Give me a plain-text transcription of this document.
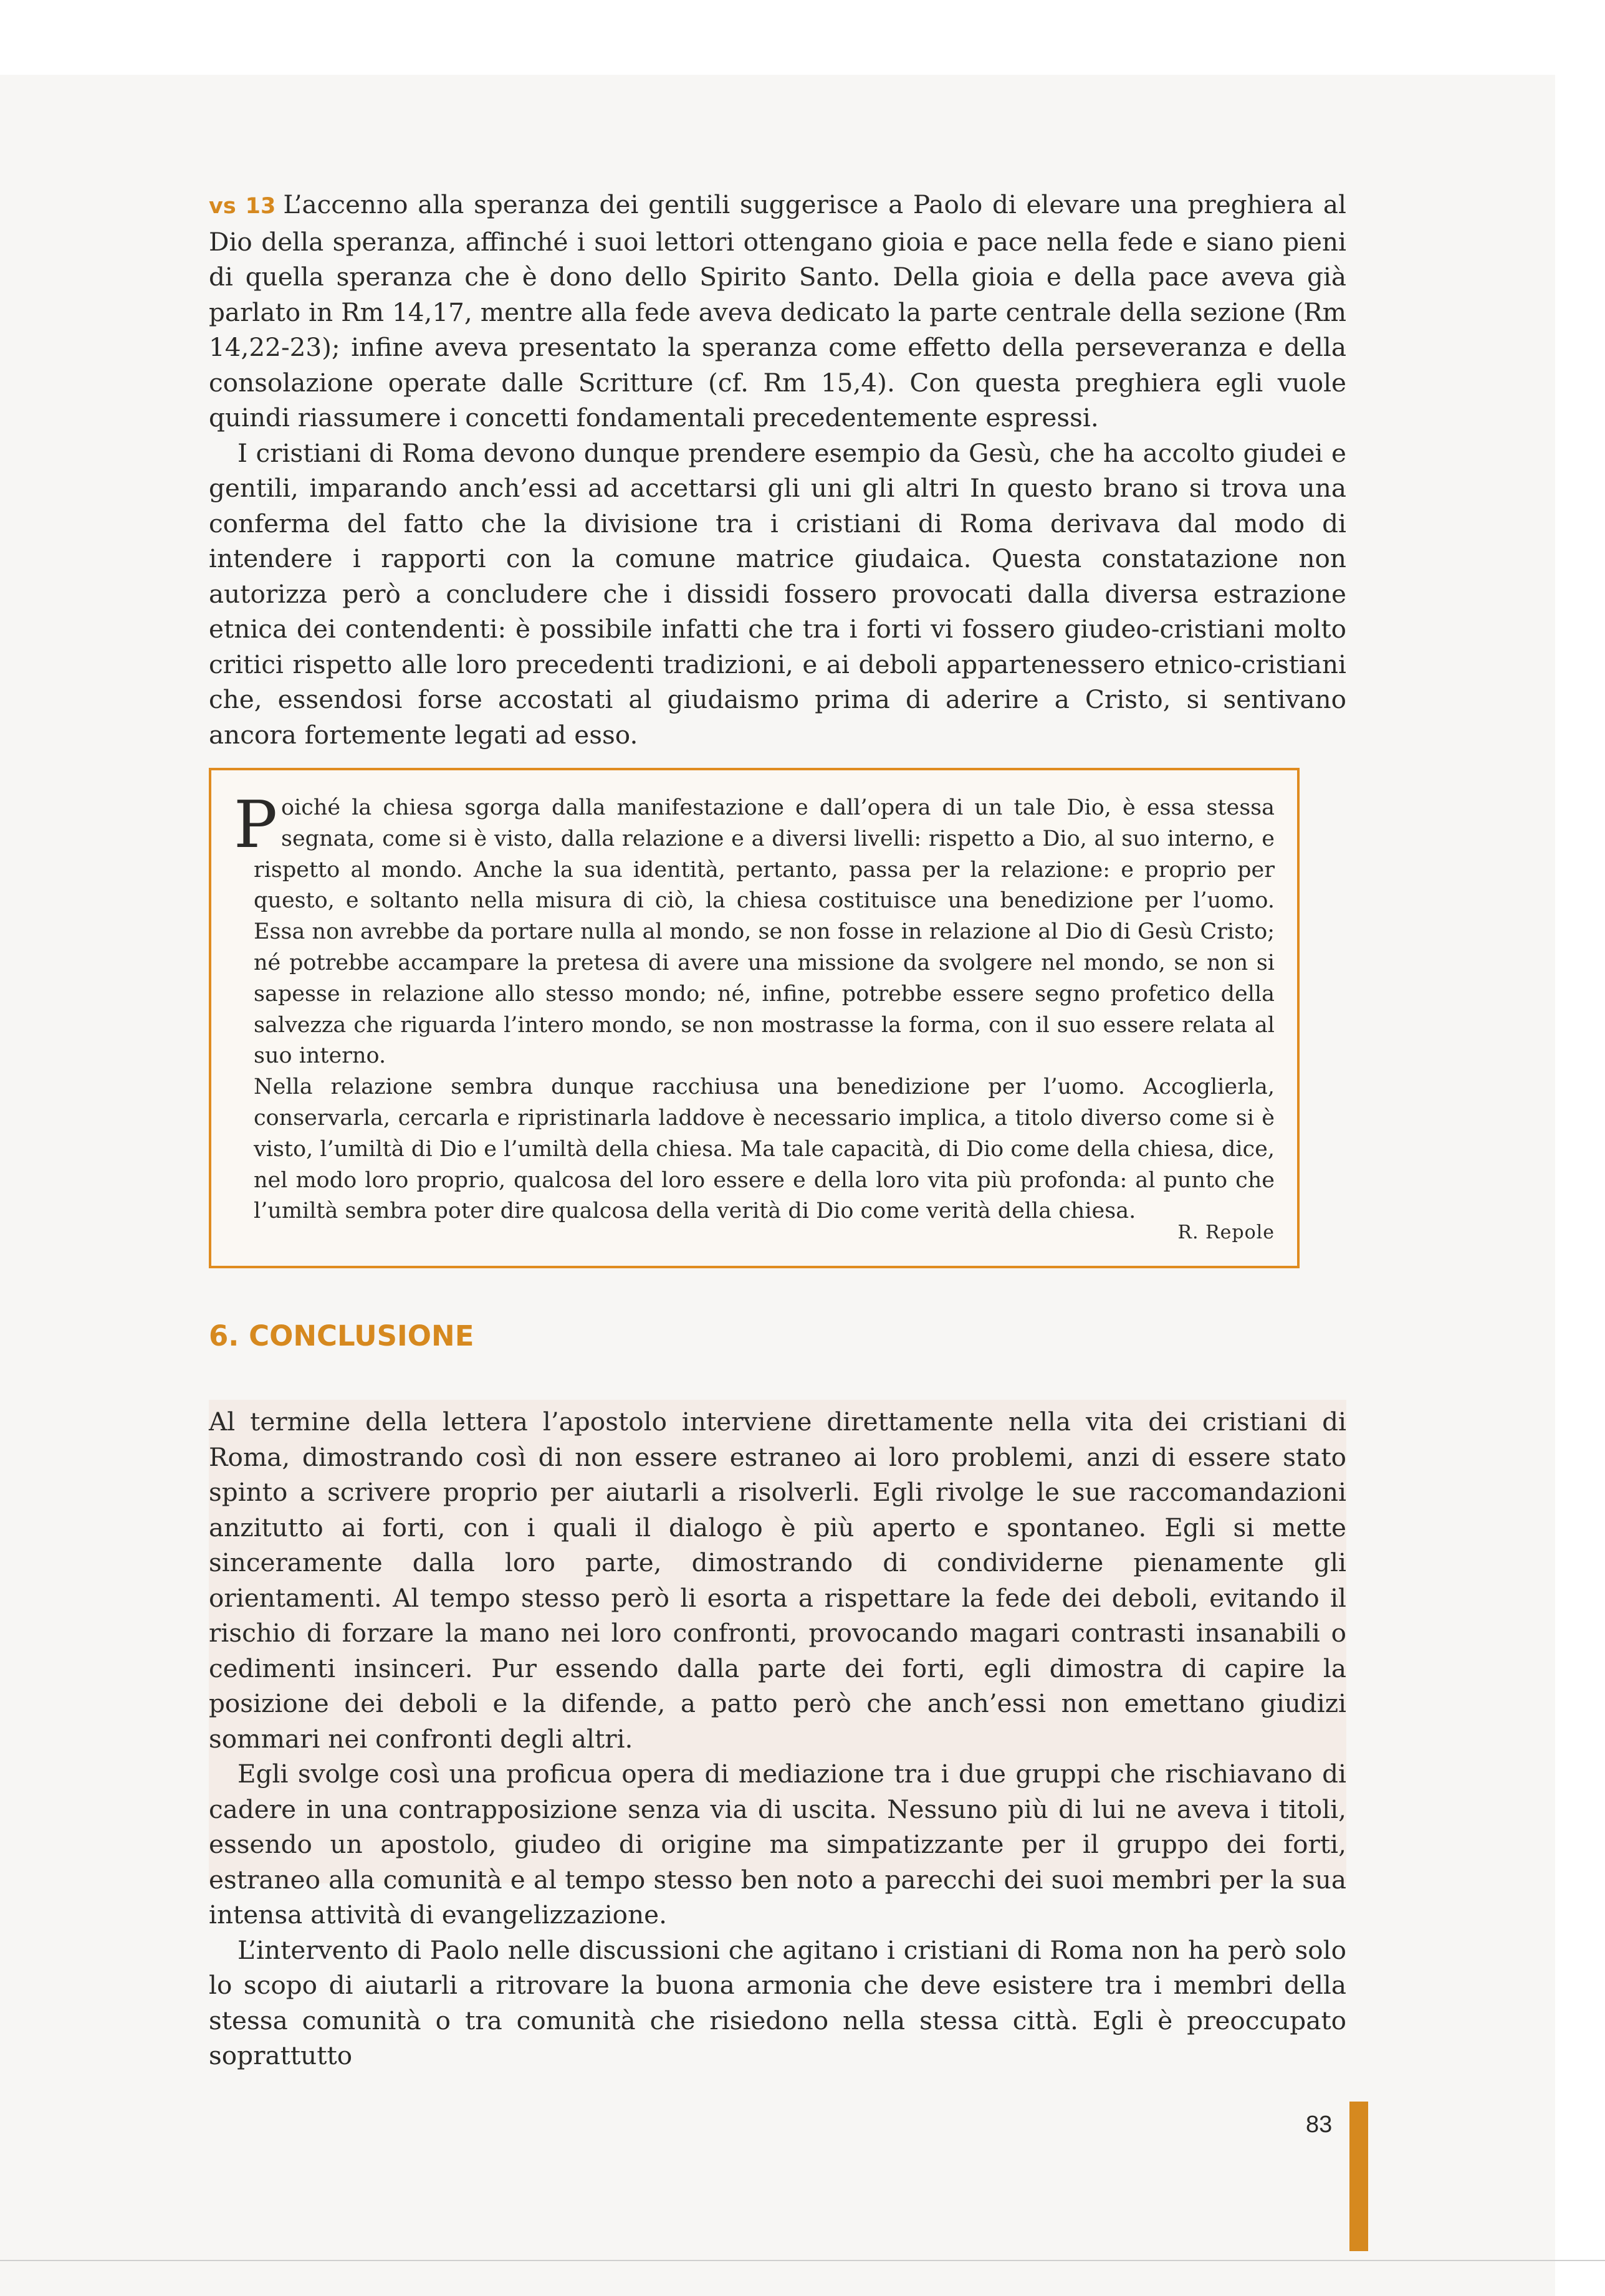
vs 13 L’accenno alla speranza dei gentili suggerisce a Paolo di elevare una preghiera al Dio della speranza, affinché i suoi lettori ottengano gioia e pace nella fede e siano pieni di quella speranza che è dono dello Spirito Santo. Della gioia e della pace aveva già parlato in Rm 14,17, mentre alla fede aveva dedicato la parte centrale della sezione (Rm 14,22-23); infine aveva presentato la speranza come effetto della perseveranza e della consolazione operate dalle Scritture (cf. Rm 15,4). Con questa preghiera egli vuole quindi riassumere i concetti fondamentali precedentemente espressi.

I cristiani di Roma devono dunque prendere esempio da Gesù, che ha accolto giudei e gentili, imparando anch’essi ad accettarsi gli uni gli altri In questo brano si trova una conferma del fatto che la divisione tra i cristiani di Roma derivava dal modo di intendere i rapporti con la comune matrice giudaica. Questa constatazione non autorizza però a concludere che i dissidi fossero provocati dalla diversa estrazione etnica dei contendenti: è possibile infatti che tra i forti vi fossero giudeo-cristiani molto critici rispetto alle loro precedenti tradizioni, e ai deboli appartenessero etnico-cristiani che, essendosi forse accostati al giudaismo prima di aderire a Cristo, si sentivano ancora fortemente legati ad esso.

Poiché la chiesa sgorga dalla manifestazione e dall’opera di un tale Dio, è essa stessa segnata, come si è visto, dalla relazione e a diversi livelli: rispetto a Dio, al suo interno, e rispetto al mondo. Anche la sua identità, pertanto, passa per la relazione: e proprio per questo, e soltanto nella misura di ciò, la chiesa costituisce una benedizione per l’uomo. Essa non avrebbe da portare nulla al mondo, se non fosse in relazione al Dio di Gesù Cristo; né potrebbe accampare la pretesa di avere una missione da svolgere nel mondo, se non si sapesse in relazione allo stesso mondo; né, infine, potrebbe essere segno profetico della salvezza che riguarda l’intero mondo, se non mostrasse la forma, con il suo essere relata al suo interno.

Nella relazione sembra dunque racchiusa una benedizione per l’uomo. Accoglierla, conservarla, cercarla e ripristinarla laddove è necessario implica, a titolo diverso come si è visto, l’umiltà di Dio e l’umiltà della chiesa. Ma tale capacità, di Dio come della chiesa, dice, nel modo loro proprio, qualcosa del loro essere e della loro vita più profonda: al punto che l’umiltà sembra poter dire qualcosa della verità di Dio come verità della chiesa.

R. Repole
6. CONCLUSIONE

Al termine della lettera l’apostolo interviene direttamente nella vita dei cristiani di Roma, dimostrando così di non essere estraneo ai loro problemi, anzi di essere stato spinto a scrivere proprio per aiutarli a risolverli. Egli rivolge le sue raccomandazioni anzitutto ai forti, con i quali il dialogo è più aperto e spontaneo. Egli si mette sinceramente dalla loro parte, dimostrando di condividerne pienamente gli orientamenti. Al tempo stesso però li esorta a rispettare la fede dei deboli, evitando il rischio di forzare la mano nei loro confronti, provocando magari contrasti insanabili o cedimenti insinceri. Pur essendo dalla parte dei forti, egli dimostra di capire la posizione dei deboli e la difende, a patto però che anch’essi non emettano giudizi sommari nei confronti degli altri.

Egli svolge così una proficua opera di mediazione tra i due gruppi che rischiavano di cadere in una contrapposizione senza via di uscita. Nessuno più di lui ne aveva i titoli, essendo un apostolo, giudeo di origine ma simpatizzante per il gruppo dei forti, estraneo alla comunità e al tempo stesso ben noto a parecchi dei suoi membri per la sua intensa attività di evangelizzazione.

L’intervento di Paolo nelle discussioni che agitano i cristiani di Roma non ha però solo lo scopo di aiutarli a ritrovare la buona armonia che deve esistere tra i membri della stessa comunità o tra comunità che risiedono nella stessa città. Egli è preoccupato soprattutto

83
